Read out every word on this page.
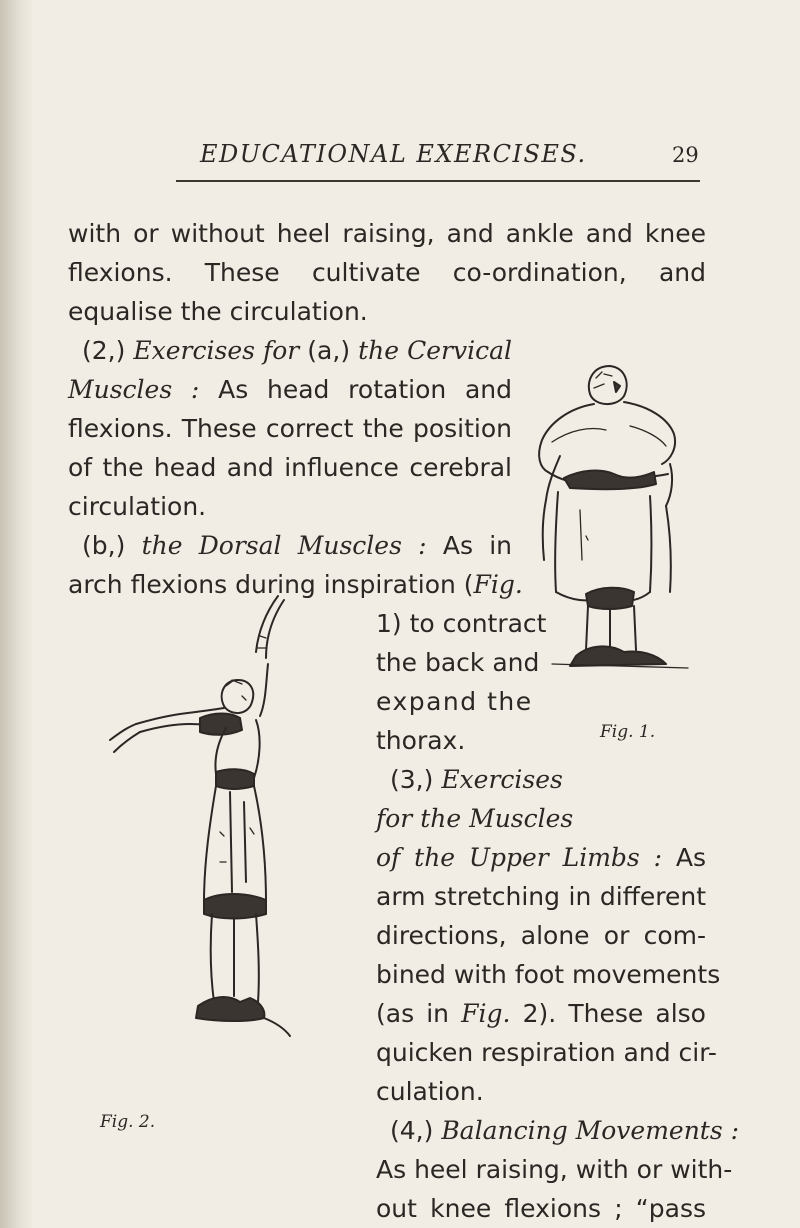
EDUCATIONAL EXERCISES.	29
with or without heel raising, and ankle and knee
flexions. These cultivate co-ordination, and
equalise the circulation.
(2,) Exercises for (a,) the Cervical
Muscles : As head rotation and
flexions. These correct the position
of the head and influence cerebral
circulation.
(b,) the Dorsal Muscles : As in
arch flexions during inspiration (Fig.
1) to contract
the back and
expand the
thorax.
(3,) Exercises
for the Muscles
of the Upper Limbs : As
arm stretching in different
directions, alone or com-
bined with foot movements
(as in Fig. 2). These also
quicken respiration and cir-
culation.
(4,) Balancing Movements :
As heel raising, with or with-
out knee flexions ; “pass
Fig. 1.
Fig. 2.
